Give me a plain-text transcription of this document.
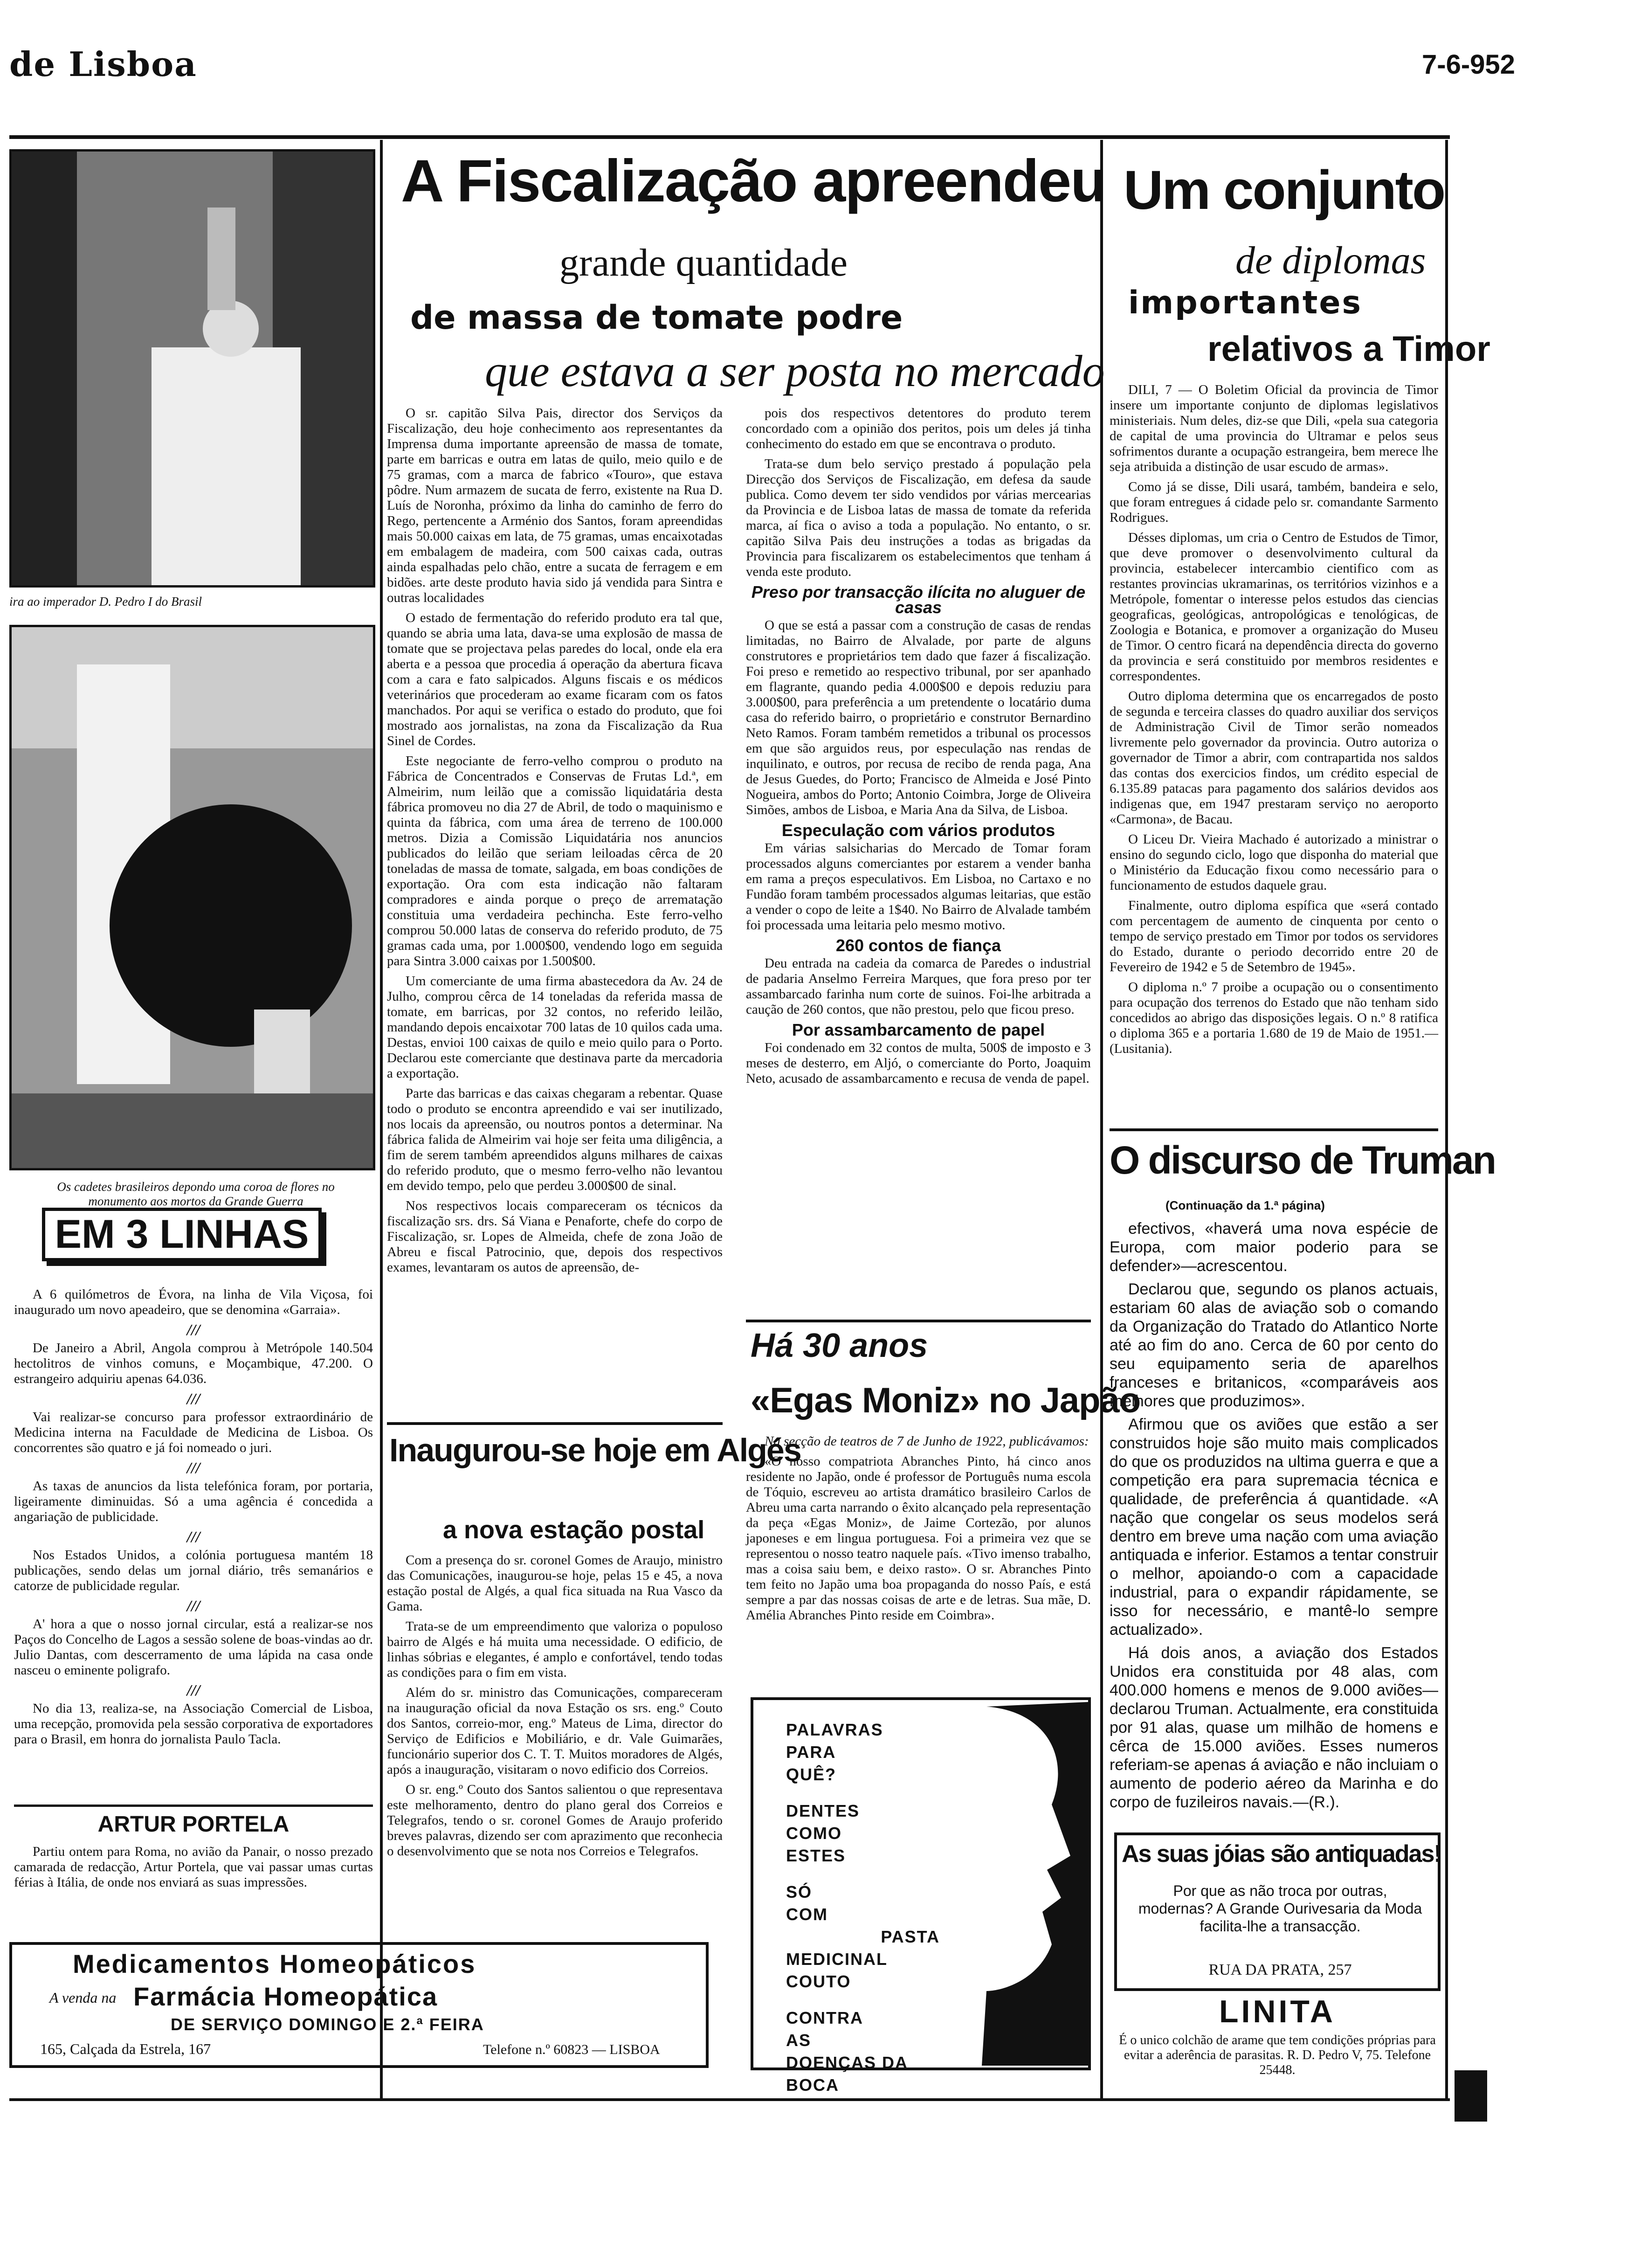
de Lisboa	7-6-952
ira ao imperador D. Pedro I do Brasil
Os cadetes brasileiros depondo uma coroa de flores no monumento aos mortos da Grande Guerra
EM 3 LINHAS

A 6 quilómetros de Évora, na linha de Vila Viçosa, foi inaugurado um novo apeadeiro, que se denomina «Garraia».

///

De Janeiro a Abril, Angola comprou à Metrópole 140.504 hectolitros de vinhos comuns, e Moçambique, 47.200. O estrangeiro adquiriu apenas 64.036.

///

Vai realizar-se concurso para professor extraordinário de Medicina interna na Faculdade de Medicina de Lisboa. Os concorrentes são quatro e já foi nomeado o juri.

///

As taxas de anuncios da lista telefónica foram, por portaria, ligeiramente diminuidas. Só a uma agência é concedida a angariação de publicidade.

///

Nos Estados Unidos, a colónia portuguesa mantém 18 publicações, sendo delas um jornal diário, três semanários e catorze de publicidade regular.

///

A' hora a que o nosso jornal circular, está a realizar-se nos Paços do Concelho de Lagos a sessão solene de boas-vindas ao dr. Julio Dantas, com descerramento de uma lápida na casa onde nasceu o eminente poligrafo.

///

No dia 13, realiza-se, na Associação Comercial de Lisboa, uma recepção, promovida pela sessão corporativa de exportadores para o Brasil, em honra do jornalista Paulo Tacla.

ARTUR PORTELA

Partiu ontem para Roma, no avião da Panair, o nosso prezado camarada de redacção, Artur Portela, que vai passar umas curtas férias à Itália, de onde nos enviará as suas impressões.

Medicamentos Homeopáticos
A venda na Farmácia Homeopática
DE SERVIÇO DOMINGO E 2.ª FEIRA
165, Calçada da Estrela, 167	Telefone n.º 60823 — LISBOA
A Fiscalização apreendeu
grande quantidade
de massa de tomate podre
que estava a ser posta no mercado

O sr. capitão Silva Pais, director dos Serviços da Fiscalização, deu hoje conhecimento aos representantes da Imprensa duma importante apreensão de massa de tomate, parte em barricas e outra em latas de quilo, meio quilo e de 75 gramas, com a marca de fabrico «Touro», que estava pôdre. Num armazem de sucata de ferro, existente na Rua D. Luís de Noronha, próximo da linha do caminho de ferro do Rego, pertencente a Arménio dos Santos, foram apreendidas mais 50.000 caixas em lata, de 75 gramas, umas encaixotadas em embalagem de madeira, com 500 caixas cada, outras ainda espalhadas pelo chão, entre a sucata de ferragem e em bidões. arte deste produto havia sido já vendida para Sintra e outras localidades

O estado de fermentação do referido produto era tal que, quando se abria uma lata, dava-se uma explosão de massa de tomate que se projectava pelas paredes do local, onde ela era aberta e a pessoa que procedia á operação da abertura ficava com a cara e fato salpicados. Alguns fiscais e os médicos veterinários que procederam ao exame ficaram com os fatos manchados. Por aqui se verifica o estado do produto, que foi mostrado aos jornalistas, na zona da Fiscalização da Rua Sinel de Cordes.

Este negociante de ferro-velho comprou o produto na Fábrica de Concentrados e Conservas de Frutas Ld.ª, em Almeirim, num leilão que a comissão liquidatária desta fábrica promoveu no dia 27 de Abril, de todo o maquinismo e quinta da fábrica, com uma área de terreno de 100.000 metros. Dizia a Comissão Liquidatária nos anuncios publicados do leilão que seriam leiloadas cêrca de 20 toneladas de massa de tomate, salgada, em boas condições de exportação. Ora com esta indicação não faltaram compradores e ainda porque o preço de arrematação constituia uma verdadeira pechincha. Este ferro-velho comprou 50.000 latas de conserva do referido produto, de 75 gramas cada uma, por 1.000$00, vendendo logo em seguida para Sintra 3.000 caixas por 1.500$00.

Um comerciante de uma firma abastecedora da Av. 24 de Julho, comprou cêrca de 14 toneladas da referida massa de tomate, em barricas, por 32 contos, no referido leilão, mandando depois encaixotar 700 latas de 10 quilos cada uma. Destas, envioi 100 caixas de quilo e meio quilo para o Porto. Declarou este comerciante que destinava parte da mercadoria a exportação.

Parte das barricas e das caixas chegaram a rebentar. Quase todo o produto se encontra apreendido e vai ser inutilizado, nos locais da apreensão, ou noutros pontos a determinar. Na fábrica falida de Almeirim vai hoje ser feita uma diligência, a fim de serem também apreendidos alguns milhares de caixas do referido produto, que o mesmo ferro-velho não levantou em devido tempo, pelo que perdeu 3.000$00 de sinal.

Nos respectivos locais compareceram os técnicos da fiscalização srs. drs. Sá Viana e Penaforte, chefe do corpo de Fiscalização, sr. Lopes de Almeida, chefe de zona João de Abreu e fiscal Patrocinio, que, depois dos respectivos exames, levantaram os autos de apreensão, de-

pois dos respectivos detentores do produto terem concordado com a opinião dos peritos, pois um deles já tinha conhecimento do estado em que se encontrava o produto.

Trata-se dum belo serviço prestado á população pela Direcção dos Serviços de Fiscalização, em defesa da saude publica. Como devem ter sido vendidos por várias mercearias da Provincia e de Lisboa latas de massa de tomate da referida marca, aí fica o aviso a toda a população. No entanto, o sr. capitão Silva Pais deu instruções a todas as brigadas da Provincia para fiscalizarem os estabelecimentos que tenham á venda este produto.

Preso por transacção ilícita no aluguer de casas

O que se está a passar com a construção de casas de rendas limitadas, no Bairro de Alvalade, por parte de alguns construtores e proprietários tem dado que fazer á fiscalização. Foi preso e remetido ao respectivo tribunal, por ser apanhado em flagrante, quando pedia 4.000$00 e depois reduziu para 3.000$00, para preferência a um pretendente o locatário duma casa do referido bairro, o proprietário e construtor Bernardino Neto Ramos. Foram também remetidos a tribunal os processos em que são arguidos reus, por especulação nas rendas de inquilinato, e outros, por recusa de recibo de renda paga, Ana de Jesus Guedes, do Porto; Francisco de Almeida e José Pinto Nogueira, ambos do Porto; Antonio Coimbra, Jorge de Oliveira Simões, ambos de Lisboa, e Maria Ana da Silva, de Lisboa.

Especulação com vários produtos

Em várias salsicharias do Mercado de Tomar foram processados alguns comerciantes por estarem a vender banha em rama a preços especulativos. Em Lisboa, no Cartaxo e no Fundão foram também processados algumas leitarias, que estão a vender o copo de leite a 1$40. No Bairro de Alvalade também foi processada uma leitaria pelo mesmo motivo.

260 contos de fiança

Deu entrada na cadeia da comarca de Paredes o industrial de padaria Anselmo Ferreira Marques, que fora preso por ter assambarcado farinha num corte de suinos. Foi-lhe arbitrada a caução de 260 contos, que não prestou, pelo que ficou preso.

Por assambarcamento de papel

Foi condenado em 32 contos de multa, 500$ de imposto e 3 meses de desterro, em Aljó, o comerciante do Porto, Joaquim Neto, acusado de assambarcamento e recusa de venda de papel.

Inaugurou-se hoje em Algés
a nova estação postal

Com a presença do sr. coronel Gomes de Araujo, ministro das Comunicações, inaugurou-se hoje, pelas 15 e 45, a nova estação postal de Algés, a qual fica situada na Rua Vasco da Gama.

Trata-se de um empreendimento que valoriza o populoso bairro de Algés e há muita uma necessidade. O edificio, de linhas sóbrias e elegantes, é amplo e confortável, tendo todas as condições para o fim em vista.

Além do sr. ministro das Comunicações, compareceram na inauguração oficial da nova Estação os srs. eng.º Couto dos Santos, correio-mor, eng.º Mateus de Lima, director do Serviço de Edificios e Mobiliário, e dr. Vale Guimarães, funcionário superior dos C. T. T. Muitos moradores de Algés, após a inauguração, visitaram o novo edificio dos Correios.

O sr. eng.º Couto dos Santos salientou o que representava este melhoramento, dentro do plano geral dos Correios e Telegrafos, tendo o sr. coronel Gomes de Araujo proferido breves palavras, dizendo ser com aprazimento que reconhecia o desenvolvimento que se nota nos Correios e Telegrafos.

Há 30 anos
«Egas Moniz» no Japão

Na secção de teatros de 7 de Junho de 1922, publicávamos:

«O nosso compatriota Abranches Pinto, há cinco anos residente no Japão, onde é professor de Português numa escola de Tóquio, escreveu ao artista dramático brasileiro Carlos de Abreu uma carta narrando o êxito alcançado pela representação da peça «Egas Moniz», de Jaime Cortezão, por alunos japoneses e em lingua portuguesa. Foi a primeira vez que se representou o nosso teatro naquele país. «Tivo imenso trabalho, mas a coisa saiu bem, e deixo rasto». O sr. Abranches Pinto tem feito no Japão uma boa propaganda do nosso País, e está sempre a par das nossas coisas de arte e de letras. Sua mãe, D. Amélia Abranches Pinto reside em Coimbra».

PALAVRAS
PARA
QUÊ?
DENTES
COMO
ESTES
SÓ
COM
PASTA
MEDICINAL
COUTO
CONTRA
AS
DOENÇAS DA BOCA
Um conjunto
de diplomas
importantes
relativos a Timor

DILI, 7 — O Boletim Oficial da provincia de Timor insere um importante conjunto de diplomas legislativos ministeriais. Num deles, diz-se que Dili, «pela sua categoria de capital de uma provincia do Ultramar e pelos seus sofrimentos durante a ocupação estrangeira, bem merece lhe seja atribuida a distinção de usar escudo de armas».

Como já se disse, Dili usará, também, bandeira e selo, que foram entregues á cidade pelo sr. comandante Sarmento Rodrigues.

Désses diplomas, um cria o Centro de Estudos de Timor, que deve promover o desenvolvimento cultural da provincia, estabelecer intercambio cientifico com as restantes provincias ukramarinas, os territórios vizinhos e a Metrópole, fomentar o interesse pelos estudos das ciencias geograficas, geológicas, antropológicas e tenológicas, de Zoologia e Botanica, e promover a organização do Museu de Timor. O centro ficará na dependência directa do governo da provincia e será constituido por membros residentes e correspondentes.

Outro diploma determina que os encarregados de posto de segunda e terceira classes do quadro auxiliar dos serviços de Administração Civil de Timor serão nomeados livremente pelo governador da provincia. Outro autoriza o governador de Timor a abrir, com contrapartida nos saldos das contas dos exercicios findos, um crédito especial de 6.135.89 patacas para pagamento dos salários devidos aos indigenas que, em 1947 prestaram serviço no aeroporto «Carmona», de Bacau.

O Liceu Dr. Vieira Machado é autorizado a ministrar o ensino do segundo ciclo, logo que disponha do material que o Ministério da Educação fixou como necessário para o funcionamento de estudos daquele grau.

Finalmente, outro diploma espífica que «será contado com percentagem de aumento de cinquenta por cento o tempo de serviço prestado em Timor por todos os servidores do Estado, durante o periodo decorrido entre 20 de Fevereiro de 1942 e 5 de Setembro de 1945».

O diploma n.º 7 proibe a ocupação ou o consentimento para ocupação dos terrenos do Estado que não tenham sido concedidos ao abrigo das disposições legais. O n.º 8 ratifica o diploma 365 e a portaria 1.680 de 19 de Maio de 1951.—(Lusitania).

O discurso de Truman
(Continuação da 1.ª página)

efectivos, «haverá uma nova espécie de Europa, com maior poderio para se defender»—acrescentou.

Declarou que, segundo os planos actuais, estariam 60 alas de aviação sob o comando da Organização do Tratado do Atlantico Norte até ao fim do ano. Cerca de 60 por cento do seu equipamento seria de aparelhos franceses e britanicos, «comparáveis aos melhores que produzimos».

Afirmou que os aviões que estão a ser construidos hoje são muito mais complicados do que os produzidos na ultima guerra e que a competição era para supremacia técnica e qualidade, de preferência á quantidade. «A nação que congelar os seus modelos será dentro em breve uma nação com uma aviação antiquada e inferior. Estamos a tentar construir o melhor, apoiando-o com a capacidade industrial, para o expandir rápidamente, se isso for necessário, e mantê-lo sempre actualizado».

Há dois anos, a aviação dos Estados Unidos era constituida por 48 alas, com 400.000 homens e menos de 9.000 aviões—declarou Truman. Actualmente, era constituida por 91 alas, quase um milhão de homens e cêrca de 15.000 aviões. Esses numeros referiam-se apenas á aviação e não incluiam o aumento de poderio aéreo da Marinha e do corpo de fuzileiros navais.—(R.).

As suas jóias são antiquadas!
Por que as não troca por outras, modernas? A Grande Ourivesaria da Moda facilita-lhe a transacção.
RUA DA PRATA, 257
LINITA
É o unico colchão de arame que tem condições próprias para evitar a aderência de parasitas. R. D. Pedro V, 75. Telefone 25448.
